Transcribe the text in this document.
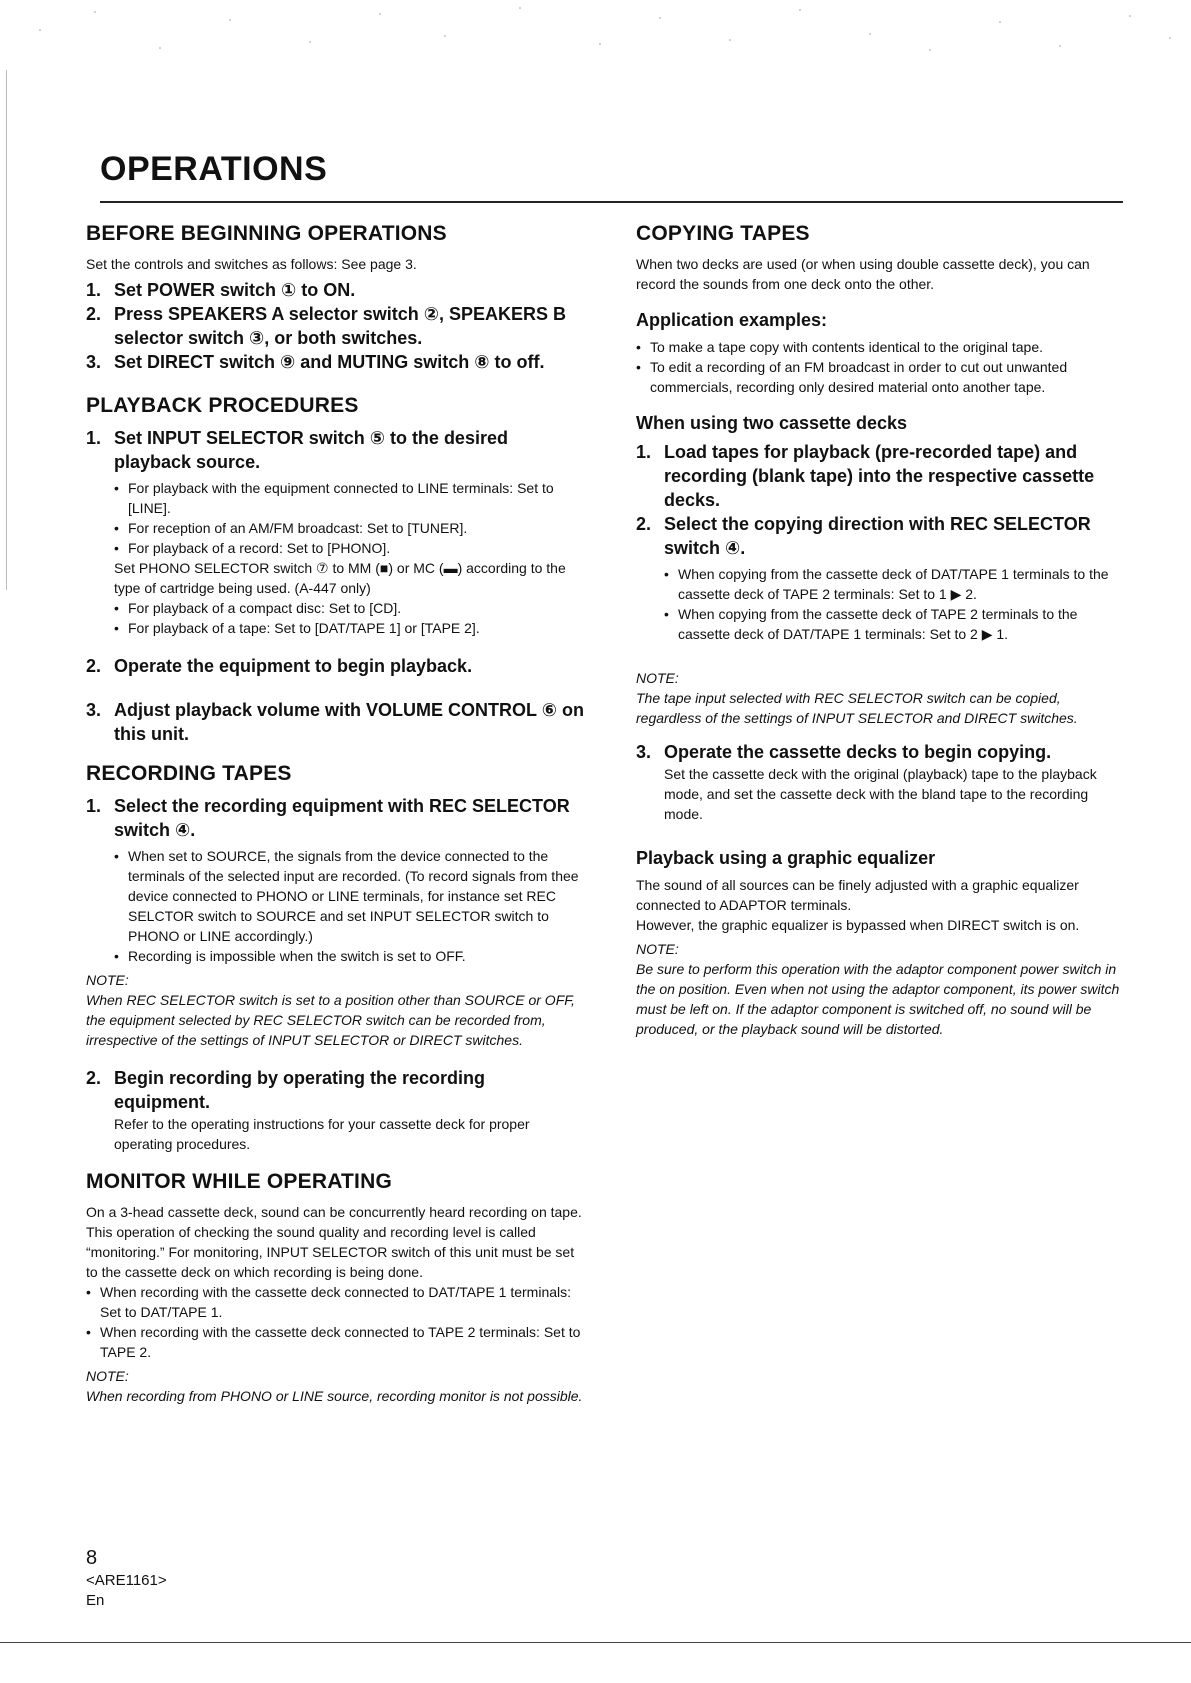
OPERATIONS
BEFORE BEGINNING OPERATIONS

Set the controls and switches as follows: See page 3.

1. Set POWER switch ① to ON.

2. Press SPEAKERS A selector switch ②, SPEAKERS B selector switch ③, or both switches.

3. Set DIRECT switch ⑨ and MUTING switch ⑧ to off.

PLAYBACK PROCEDURES

1. Set INPUT SELECTOR switch ⑤ to the desired playback source.

• For playback with the equipment connected to LINE terminals: Set to [LINE].
• For reception of an AM/FM broadcast: Set to [TUNER].
• For playback of a record: Set to [PHONO].

Set PHONO SELECTOR switch ⑦ to MM (■) or MC (▬) according to the type of cartridge being used. (A-447 only)

• For playback of a compact disc: Set to [CD].
• For playback of a tape: Set to [DAT/TAPE 1] or [TAPE 2].

2. Operate the equipment to begin playback.

3. Adjust playback volume with VOLUME CONTROL ⑥ on this unit.

RECORDING TAPES

1. Select the recording equipment with REC SELECTOR switch ④.

• When set to SOURCE, the signals from the device connected to the terminals of the selected input are recorded. (To record signals from thee device connected to PHONO or LINE terminals, for instance set REC SELCTOR switch to SOURCE and set INPUT SELECTOR switch to PHONO or LINE accordingly.)
• Recording is impossible when the switch is set to OFF.

NOTE:

When REC SELECTOR switch is set to a position other than SOURCE or OFF, the equipment selected by REC SELECTOR switch can be recorded from, irrespective of the settings of INPUT SELECTOR or DIRECT switches.

2. Begin recording by operating the recording equipment.

Refer to the operating instructions for your cassette deck for proper operating procedures.

MONITOR WHILE OPERATING

On a 3-head cassette deck, sound can be concurrently heard recording on tape. This operation of checking the sound quality and recording level is called “monitoring.” For monitoring, INPUT SELECTOR switch of this unit must be set to the cassette deck on which recording is being done.

• When recording with the cassette deck connected to DAT/TAPE 1 terminals: Set to DAT/TAPE 1.
• When recording with the cassette deck connected to TAPE 2 terminals: Set to TAPE 2.

NOTE:

When recording from PHONO or LINE source, recording monitor is not possible.

COPYING TAPES

When two decks are used (or when using double cassette deck), you can record the sounds from one deck onto the other.

Application examples:
• To make a tape copy with contents identical to the original tape.
• To edit a recording of an FM broadcast in order to cut out unwanted commercials, recording only desired material onto another tape.
When using two cassette decks

1. Load tapes for playback (pre-recorded tape) and recording (blank tape) into the respective cassette decks.

2. Select the copying direction with REC SELECTOR switch ④.

• When copying from the cassette deck of DAT/TAPE 1 terminals to the cassette deck of TAPE 2 terminals: Set to 1 ▶ 2.
• When copying from the cassette deck of TAPE 2 terminals to the cassette deck of DAT/TAPE 1 terminals: Set to 2 ▶ 1.

NOTE:

The tape input selected with REC SELECTOR switch can be copied, regardless of the settings of INPUT SELECTOR and DIRECT switches.

3. Operate the cassette decks to begin copying.

Set the cassette deck with the original (playback) tape to the playback mode, and set the cassette deck with the bland tape to the recording mode.

Playback using a graphic equalizer

The sound of all sources can be finely adjusted with a graphic equalizer connected to ADAPTOR terminals.

However, the graphic equalizer is bypassed when DIRECT switch is on.

NOTE:

Be sure to perform this operation with the adaptor component power switch in the on position. Even when not using the adaptor component, its power switch must be left on. If the adaptor component is switched off, no sound will be produced, or the playback sound will be distorted.

8
<ARE1161>
En
